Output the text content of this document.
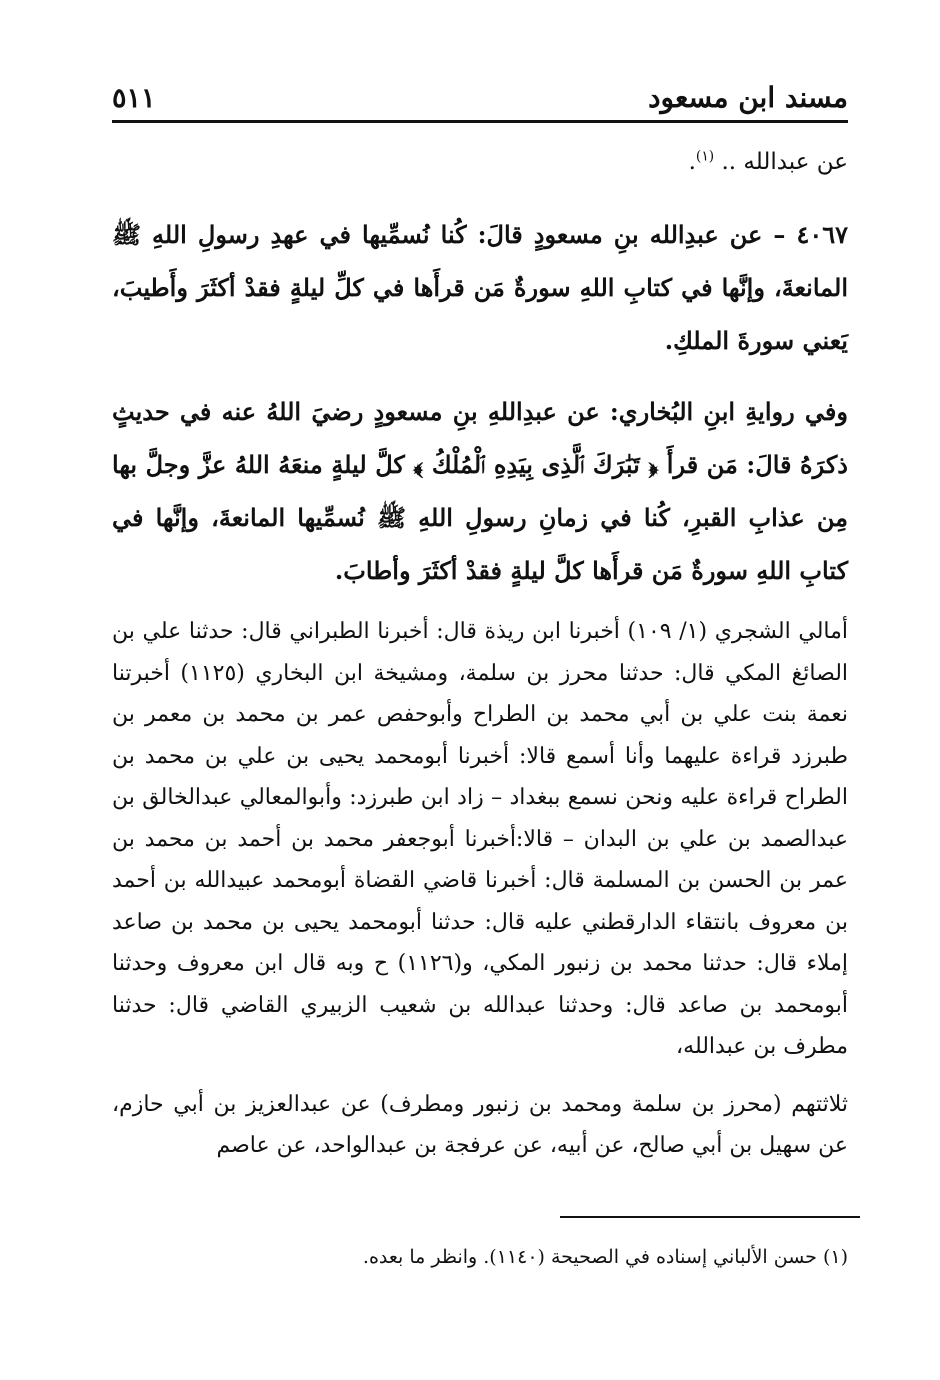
مسند ابن مسعود
٥١١

عن عبدالله .. $^{(١)}$.

٤٠٦٧ – عن عبدِالله بنِ مسعودٍ قالَ: كُنا نُسمِّيها في عهدِ رسولِ اللهِ ﷺ المانعةَ، وإنَّها في كتابِ اللهِ سورةٌ مَن قرأَها في كلِّ ليلةٍ فقدْ أكثَرَ وأَطيبَ، يَعني سورةَ الملكِ.

وفي روايةِ ابنِ البُخاري: عن عبدِاللهِ بنِ مسعودٍ رضيَ اللهُ عنه في حديثٍ ذكرَهُ قالَ: مَن قرأَ ﴿ تَبَٰرَكَ ٱلَّذِى بِيَدِهِ ٱلْمُلْكُ ﴾ كلَّ ليلةٍ منعَهُ اللهُ عزَّ وجلَّ بها مِن عذابِ القبرِ، كُنا في زمانِ رسولِ اللهِ ﷺ نُسمِّيها المانعةَ، وإنَّها في كتابِ اللهِ سورةٌ مَن قرأَها كلَّ ليلةٍ فقدْ أكثَرَ وأطابَ.

أمالي الشجري (١/ ١٠٩) أخبرنا ابن ريذة قال: أخبرنا الطبراني قال: حدثنا علي بن الصائغ المكي قال: حدثنا محرز بن سلمة، ومشيخة ابن البخاري (١١٢٥) أخبرتنا نعمة بنت علي بن أبي محمد بن الطراح وأبوحفص عمر بن محمد بن معمر بن طبرزد قراءة عليهما وأنا أسمع قالا: أخبرنا أبومحمد يحيى بن علي بن محمد بن الطراح قراءة عليه ونحن نسمع ببغداد – زاد ابن طبرزد: وأبوالمعالي عبدالخالق بن عبدالصمد بن علي بن البدان – قالا:أخبرنا أبوجعفر محمد بن أحمد بن محمد بن عمر بن الحسن بن المسلمة قال: أخبرنا قاضي القضاة أبومحمد عبيدالله بن أحمد بن معروف بانتقاء الدارقطني عليه قال: حدثنا أبومحمد يحيى بن محمد بن صاعد إملاء قال: حدثنا محمد بن زنبور المكي، و(١١٢٦) ح وبه قال ابن معروف وحدثنا أبومحمد بن صاعد قال: وحدثنا عبدالله بن شعيب الزبيري القاضي قال: حدثنا مطرف بن عبدالله،

ثلاثتهم (محرز بن سلمة ومحمد بن زنبور ومطرف) عن عبدالعزيز بن أبي حازم، عن سهيل بن أبي صالح، عن أبيه، عن عرفجة بن عبدالواحد، عن عاصم

(١) حسن الألباني إسناده في الصحيحة (١١٤٠). وانظر ما بعده.
